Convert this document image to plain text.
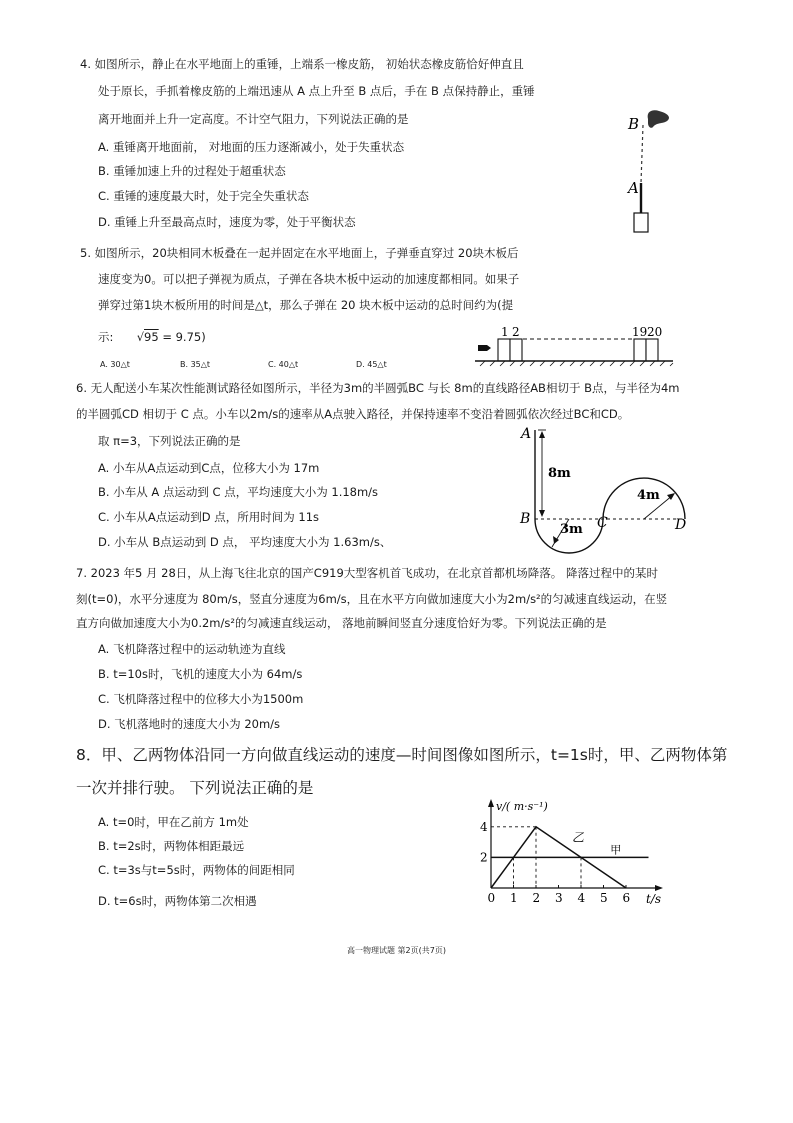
4. 如图所示，静止在水平地面上的重锤，上端系一橡皮筋， 初始状态橡皮筋恰好伸直且
处于原长，手抓着橡皮筋的上端迅速从 A 点上升至 B 点后，手在 B 点保持静止，重锤
离开地面并上升一定高度。不计空气阻力，下列说法正确的是
A. 重锤离开地面前， 对地面的压力逐渐减小，处于失重状态
B. 重锤加速上升的过程处于超重状态
C. 重锤的速度最大时，处于完全失重状态
D. 重锤上升至最高点时，速度为零，处于平衡状态
B
A
5. 如图所示，20块相同木板叠在一起并固定在水平地面上，子弹垂直穿过 20块木板后
速度变为0。可以把子弹视为质点，子弹在各块木板中运动的加速度都相同。如果子
弹穿过第1块木板所用的时间是△t，那么子弹在 20 块木板中运动的总时间约为(提
示: √95 = 9.75)
A. 30△t	B. 35△t	C. 40△t	D. 45△t
1 2	19 20
6. 无人配送小车某次性能测试路径如图所示，半径为3m的半圆弧BC 与长 8m的直线路径AB相切于 B点，与半径为4m
的半圆弧CD 相切于 C 点。小车以2m/s的速率从A点驶入路径，并保持速率不变沿着圆弧依次经过BC和CD。
取 π=3，下列说法正确的是
A. 小车从A点运动到C点，位移大小为 17m
B. 小车从 A 点运动到 C 点，平均速度大小为 1.18m/s
C. 小车从A点运动到D 点，所用时间为 11s
D. 小车从 B点运动到 D 点， 平均速度大小为 1.63m/s、
A
8m
B
3m C
4m
D
7. 2023 年5 月 28日，从上海飞往北京的国产C919大型客机首飞成功，在北京首都机场降落。 降落过程中的某时
刻(t=0)，水平分速度为 80m/s，竖直分速度为6m/s，且在水平方向做加速度大小为2m/s²的匀减速直线运动，在竖
直方向做加速度大小为0.2m/s²的匀减速直线运动， 落地前瞬间竖直分速度恰好为零。下列说法正确的是
A. 飞机降落过程中的运动轨迹为直线
B. t=10s时，飞机的速度大小为 64m/s
C. 飞机降落过程中的位移大小为1500m
D. 飞机落地时的速度大小为 20m/s
8．甲、乙两物体沿同一方向做直线运动的速度—时间图像如图所示，t=1s时，甲、乙两物体第
一次并排行驶。 下列说法正确的是
A. t=0时，甲在乙前方 1m处
B. t=2s时，两物体相距最远
C. t=3s与t=5s时，两物体的间距相同
D. t=6s时，两物体第二次相遇
v/( m·s⁻¹)
t/s
0 1 2 3 4 5 6
2
4
乙
甲
高一物理试题 第2页(共7页)
